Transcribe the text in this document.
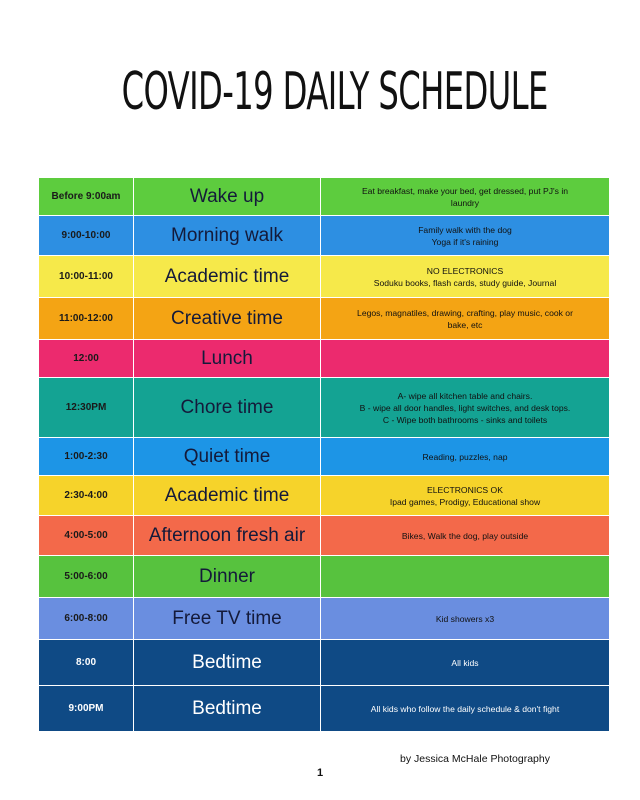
COVID-19 DAILY SCHEDULE
Before 9:00am	Wake up	Eat breakfast, make your bed, get dressed, put PJ's in
laundry

9:00-10:00	Morning walk	Family walk with the dog
Yoga if it's raining

10:00-11:00	Academic time	NO ELECTRONICS
Soduku books, flash cards, study guide, Journal

11:00-12:00	Creative time	Legos, magnatiles, drawing, crafting, play music, cook or
bake, etc

12:00	Lunch	
12:30PM	Chore time	A- wipe all kitchen table and chairs.
B - wipe all door handles, light switches, and desk tops.
C - Wipe both bathrooms - sinks and toilets

1:00-2:30	Quiet time	Reading, puzzles, nap

2:30-4:00	Academic time	ELECTRONICS OK
Ipad games, Prodigy, Educational show

4:00-5:00	Afternoon fresh air	Bikes, Walk the dog, play outside

5:00-6:00	Dinner	
6:00-8:00	Free TV time	Kid showers x3

8:00	Bedtime	All kids

9:00PM	Bedtime	All kids who follow the daily schedule & don't fight
by Jessica McHale Photography
1
